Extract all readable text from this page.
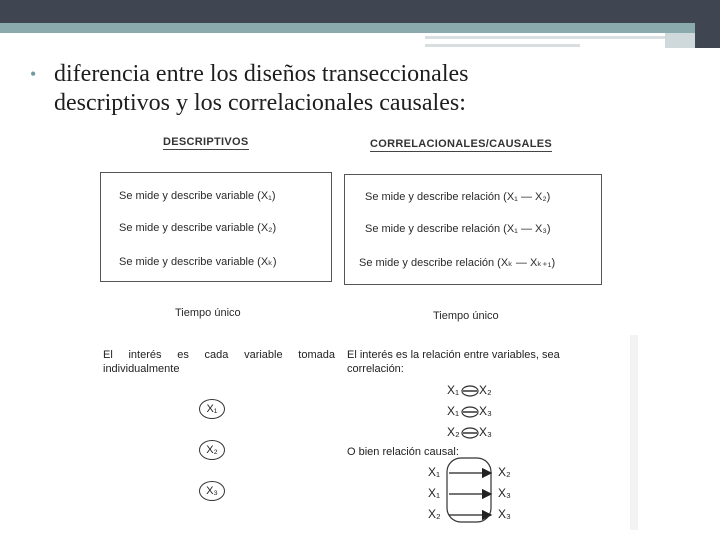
• diferencia entre los diseños transeccionales
descriptivos y los correlacionales causales:
DESCRIPTIVOS	CORRELACIONALES/CAUSALES
Se mide y describe variable (X₁)
Se mide y describe variable (X₂)
Se mide y describe variable (Xₖ)
Se mide y describe relación (X₁ — X₂)
Se mide y describe relación (X₁ — X₃)
Se mide y describe relación (Xₖ — Xₖ₊₁)
Tiempo único	Tiempo único
El interés es cada variable tomada individualmente
El interés es la relación entre variables, sea correlación:
X₁
X₂
X₃
X₁ X₂
X₁ X₃
X₂ X₃
O bien relación causal:
X₁	X₂
X₁	X₃
X₂	X₃
